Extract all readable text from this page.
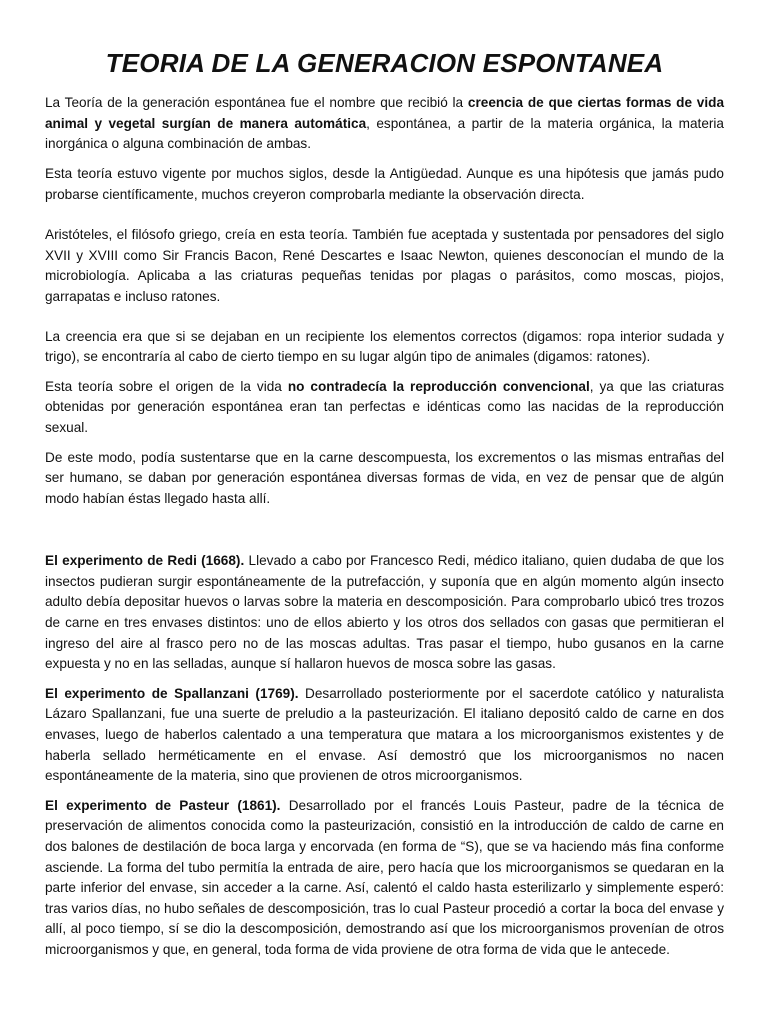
TEORIA DE LA GENERACION ESPONTANEA

La Teoría de la generación espontánea fue el nombre que recibió la creencia de que ciertas formas de vida animal y vegetal surgían de manera automática, espontánea, a partir de la materia orgánica, la materia inorgánica o alguna combinación de ambas.

Esta teoría estuvo vigente por muchos siglos, desde la Antigüedad. Aunque es una hipótesis que jamás pudo probarse científicamente, muchos creyeron comprobarla mediante la observación directa.

Aristóteles, el filósofo griego, creía en esta teoría. También fue aceptada y sustentada por pensadores del siglo XVII y XVIII como Sir Francis Bacon, René Descartes e Isaac Newton, quienes desconocían el mundo de la microbiología. Aplicaba a las criaturas pequeñas tenidas por plagas o parásitos, como moscas, piojos, garrapatas e incluso ratones.

La creencia era que si se dejaban en un recipiente los elementos correctos (digamos: ropa interior sudada y trigo), se encontraría al cabo de cierto tiempo en su lugar algún tipo de animales (digamos: ratones).

Esta teoría sobre el origen de la vida no contradecía la reproducción convencional, ya que las criaturas obtenidas por generación espontánea eran tan perfectas e idénticas como las nacidas de la reproducción sexual.

De este modo, podía sustentarse que en la carne descompuesta, los excrementos o las mismas entrañas del ser humano, se daban por generación espontánea diversas formas de vida, en vez de pensar que de algún modo habían éstas llegado hasta allí.

El experimento de Redi (1668). Llevado a cabo por Francesco Redi, médico italiano, quien dudaba de que los insectos pudieran surgir espontáneamente de la putrefacción, y suponía que en algún momento algún insecto adulto debía depositar huevos o larvas sobre la materia en descomposición. Para comprobarlo ubicó tres trozos de carne en tres envases distintos: uno de ellos abierto y los otros dos sellados con gasas que permitieran el ingreso del aire al frasco pero no de las moscas adultas. Tras pasar el tiempo, hubo gusanos en la carne expuesta y no en las selladas, aunque sí hallaron huevos de mosca sobre las gasas.

El experimento de Spallanzani (1769). Desarrollado posteriormente por el sacerdote católico y naturalista Lázaro Spallanzani, fue una suerte de preludio a la pasteurización. El italiano depositó caldo de carne en dos envases, luego de haberlos calentado a una temperatura que matara a los microorganismos existentes y de haberla sellado herméticamente en el envase. Así demostró que los microorganismos no nacen espontáneamente de la materia, sino que provienen de otros microorganismos.

El experimento de Pasteur (1861). Desarrollado por el francés Louis Pasteur, padre de la técnica de preservación de alimentos conocida como la pasteurización, consistió en la introducción de caldo de carne en dos balones de destilación de boca larga y encorvada (en forma de “S), que se va haciendo más fina conforme asciende. La forma del tubo permitía la entrada de aire, pero hacía que los microorganismos se quedaran en la parte inferior del envase, sin acceder a la carne. Así, calentó el caldo hasta esterilizarlo y simplemente esperó: tras varios días, no hubo señales de descomposición, tras lo cual Pasteur procedió a cortar la boca del envase y allí, al poco tiempo, sí se dio la descomposición, demostrando así que los microorganismos provenían de otros microorganismos y que, en general, toda forma de vida proviene de otra forma de vida que le antecede.
